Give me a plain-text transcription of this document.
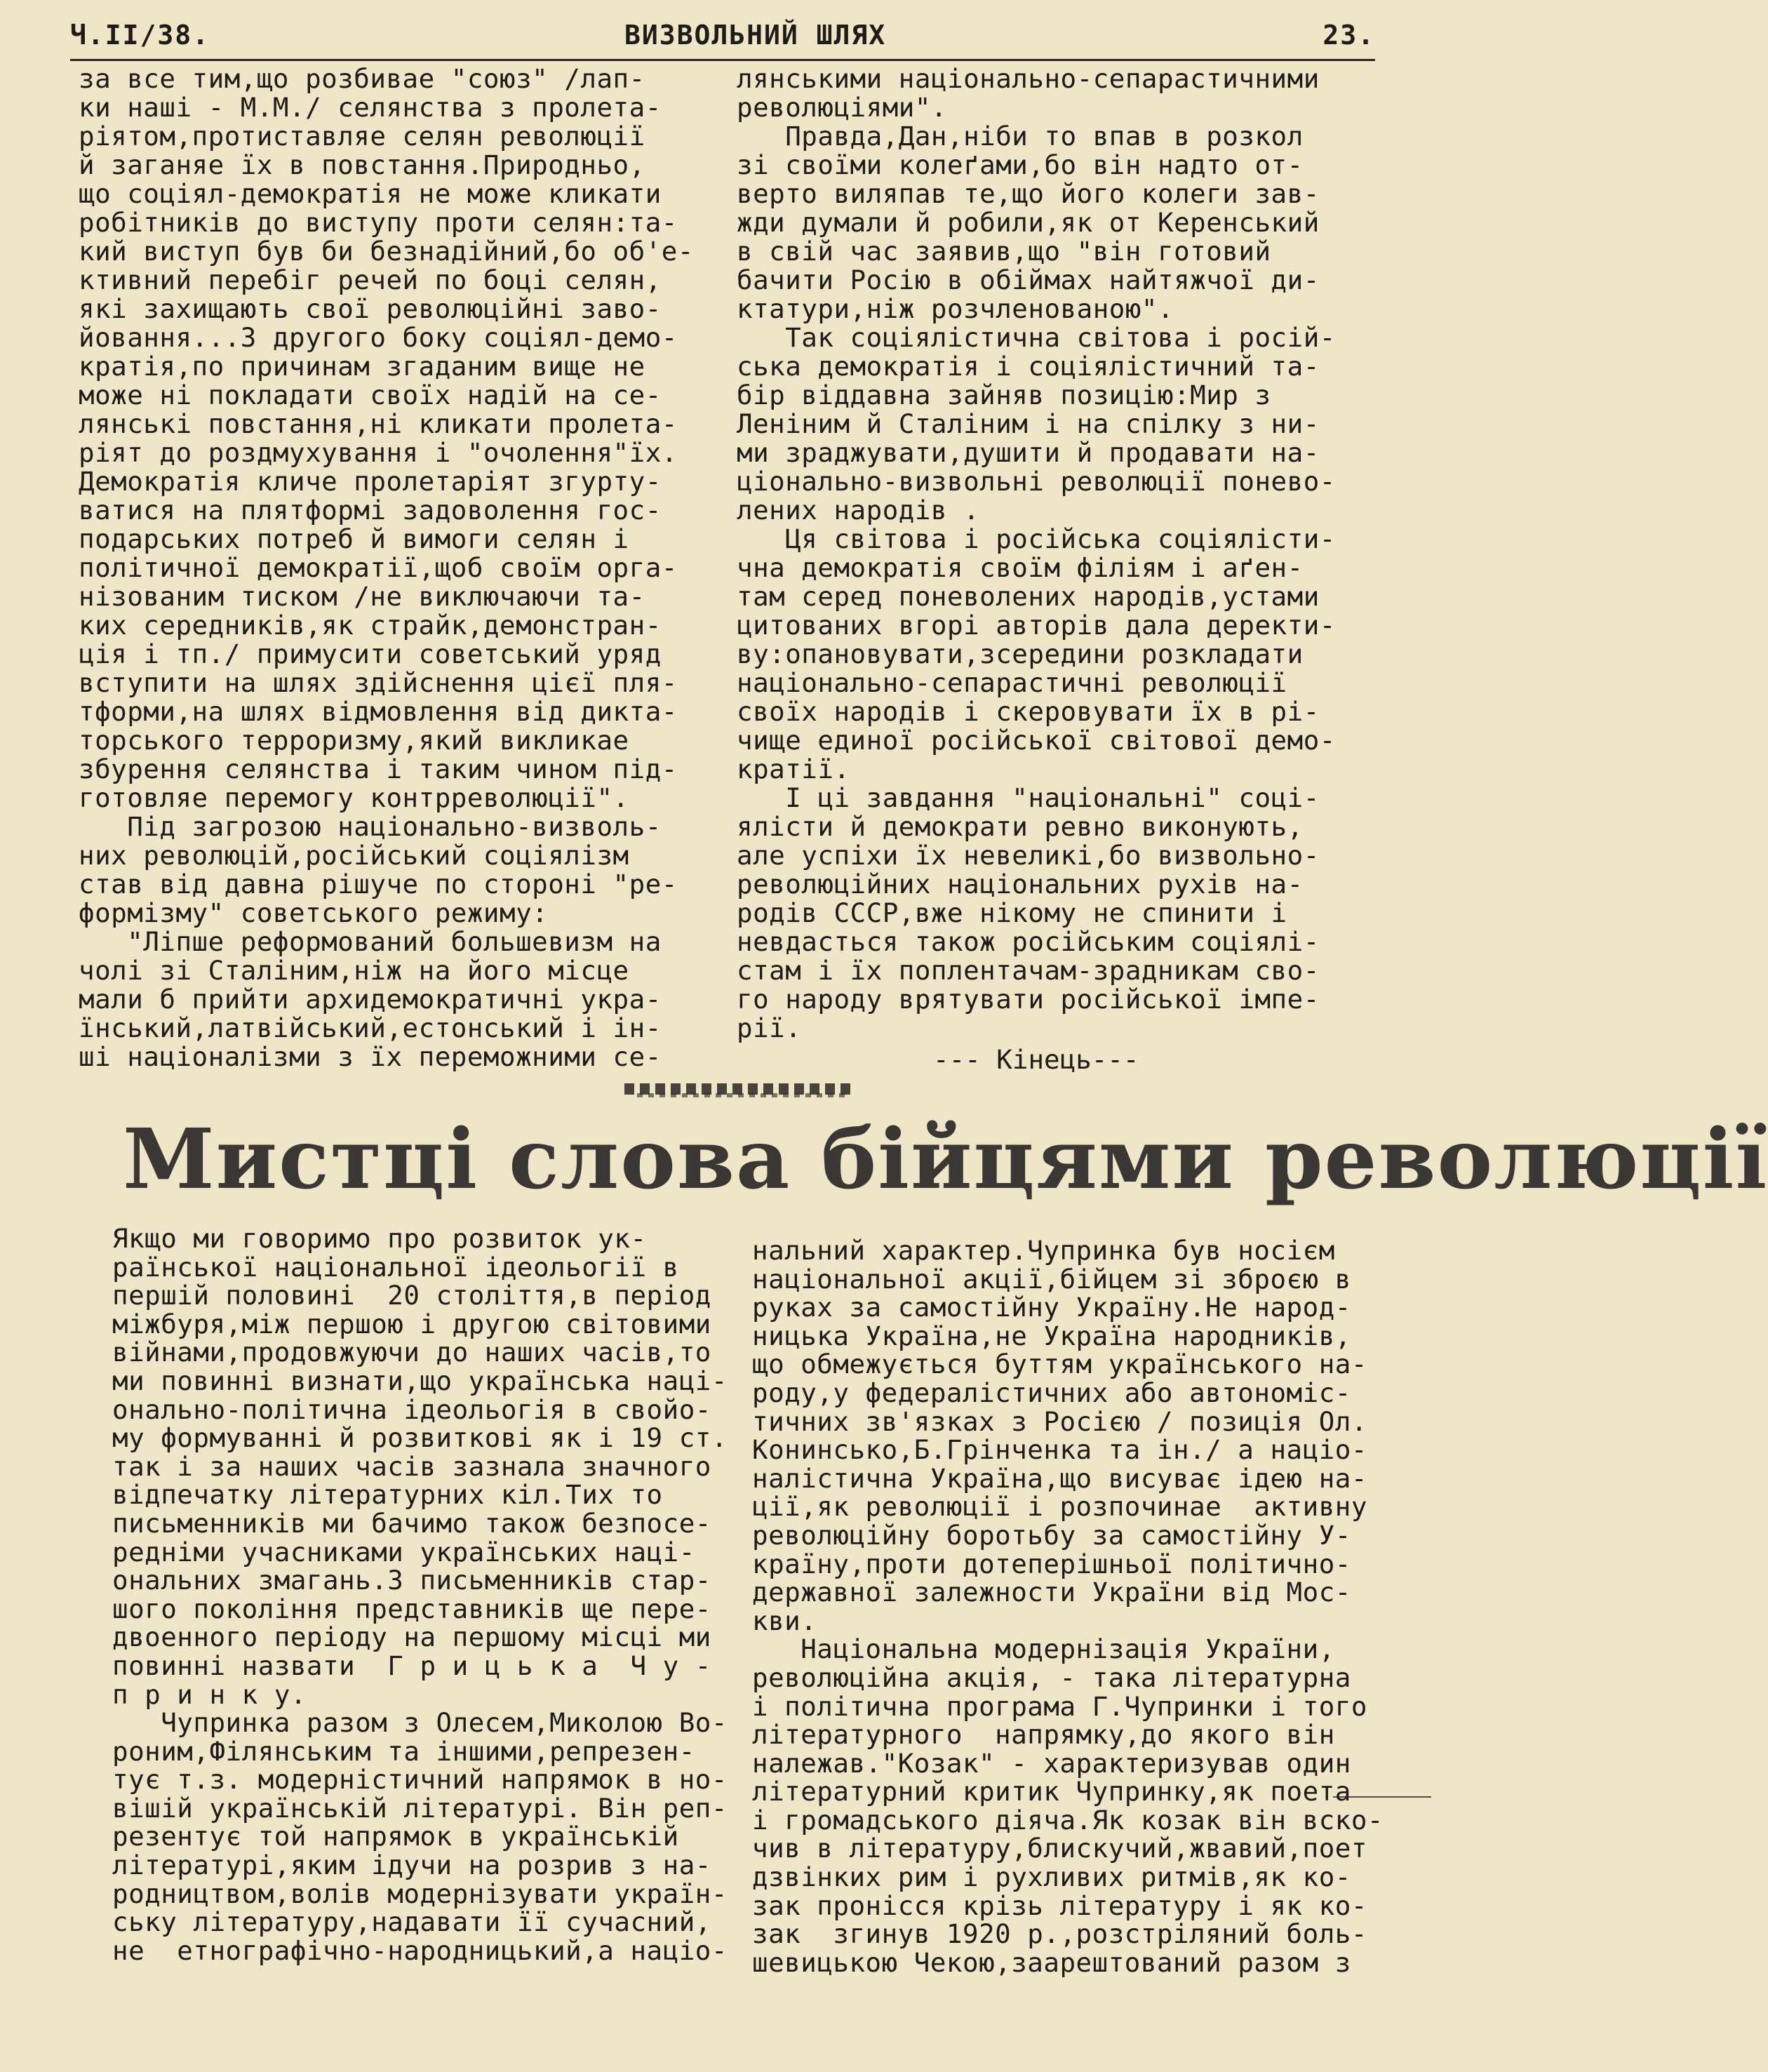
Ч.II/38.	ВИЗВОЛЬНИЙ ШЛЯХ	23.
за все тим,що розбивае "союз" /лап-
ки наші - М.М./ селянства з пролета-
ріятом,протиставляе селян революції
й заганяе їх в повстання.Природньо,
що соціял-демократія не може кликати
робітників до виступу проти селян:та-
кий виступ був би безнадійний,бо об'е-
ктивний перебіг речей по боці селян,
які захищають свої революційні заво-
йовання...З другого боку соціял-демо-
кратія,по причинам згаданим вище не
може ні покладати своїх надій на се-
лянські повстання,ні кликати пролета-
ріят до роздмухування і "очолення"їх.
Демократія кличе пролетаріят згурту-
ватися на плятформі задоволення гос-
подарських потреб й вимоги селян і
політичної демократії,щоб своїм орга-
нізованим тиском /не виключаючи та-
ких середників,як страйк,демонстран-
ція і тп./ примусити советський уряд
вступити на шлях здійснення цієї пля-
тформи,на шлях відмовлення від дикта-
торського терроризму,який викликае
збурення селянства і таким чином під-
готовляе перемогу контрреволюції".
Під загрозою національно-визволь-
них революцій,російський соціялізм
став від давна рішуче по стороні "ре-
формізму" советського режиму:
"Ліпше реформований большевизм на
чолі зі Сталіним,ніж на його місце
мали б прийти архидемократичні укра-
їнський,латвійський,естонський і ін-
ші націоналізми з їх переможними се-
лянськими національно-сепарастичними
революціями".
Правда,Дан,ніби то впав в розкол
зі своїми колеґами,бо він надто от-
верто виляпав те,що його колеги зав-
жди думали й робили,як от Керенський
в свій час заявив,що "він готовий
бачити Росію в обіймах найтяжчої ди-
ктатури,ніж розчленованою".
Так соціялістична світова і росій-
ська демократія і соціялістичний та-
бір віддавна зайняв позицію:Мир з
Леніним й Сталіним і на спілку з ни-
ми зраджувати,душити й продавати на-
ціонально-визвольні революції понево-
лених народів .
Ця світова і російська соціялісти-
чна демократія своїм філіям і аґен-
там серед поневолених народів,устами
цитованих вгорі авторів дала деректи-
ву:опановувати,зсередини розкладати
національно-сепарастичні революції
своїх народів і скеровувати їх в рі-
чище единої російської світової демо-
кратії.
І ці завдання "національні" соці-
ялісти й демократи ревно виконують,
але успіхи їх невеликі,бо визвольно-
революційних національних рухів на-
родів СССР,вже нікому не спинити і
невдасться також російським соціялі-
стам і їх поплентачам-зрадникам сво-
го народу врятувати російської імпе-
рії.
--- Кінець---
Мистці слова бійцями революції
Якщо ми говоримо про розвиток ук-
раїнської національної ідеольогії в
першій половині  20 століття,в період
міжбуря,між першою і другою світовими
війнами,продовжуючи до наших часів,то
ми повинні визнати,що українська наці-
онально-політична ідеольогія в свойо-
му формуванні й розвиткові як і 19 ст.
так і за наших часів зазнала значного
відпечатку літературних кіл.Тих то
письменників ми бачимо також безпосе-
редніми учасниками українських наці-
ональних змагань.З письменників стар-
шого покоління представників ще пере-
двоенного періоду на першому місці ми
повинні назвати  Г р и ц ь к а  Ч у -
п р и н к у.
Чупринка разом з Олесем,Миколою Во-
роним,Філянським та іншими,репрезен-
тує т.з. модерністичний напрямок в но-
вішій українській літературі. Він реп-
резентує той напрямок в українській
літературі,яким ідучи на розрив з на-
родництвом,волів модернізувати україн-
ську літературу,надавати її сучасний,
не  етнографічно-народницький,а націо-
нальний характер.Чупринка був носієм
національної акції,бійцем зі зброєю в
руках за самостійну Україну.Не народ-
ницька Україна,не Україна народників,
що обмежується буттям українського на-
роду,у федералістичних або автономіс-
тичних зв'язках з Росією / позиція Ол.
Конинсько,Б.Грінченка та ін./ а націо-
налістична Україна,що висуває ідею на-
ції,як революції і розпочинае  активну
революційну боротьбу за самостійну У-
країну,проти дотеперішньої політично-
державної залежности України від Мос-
кви.
Національна модернізація України,
революційна акція, - така літературна
і політична програма Г.Чупринки і того
літературного  напрямку,до якого він
належав."Козак" - характеризував один
літературний критик Чупринку,як поета
і громадського діяча.Як козак він вско-
чив в літературу,блискучий,жвавий,поет
дзвінких рим і рухливих ритмів,як ко-
зак пронісся крізь літературу і як ко-
зак  згинув 1920 р.,розстріляний боль-
шевицькою Чекою,заарештований разом з
